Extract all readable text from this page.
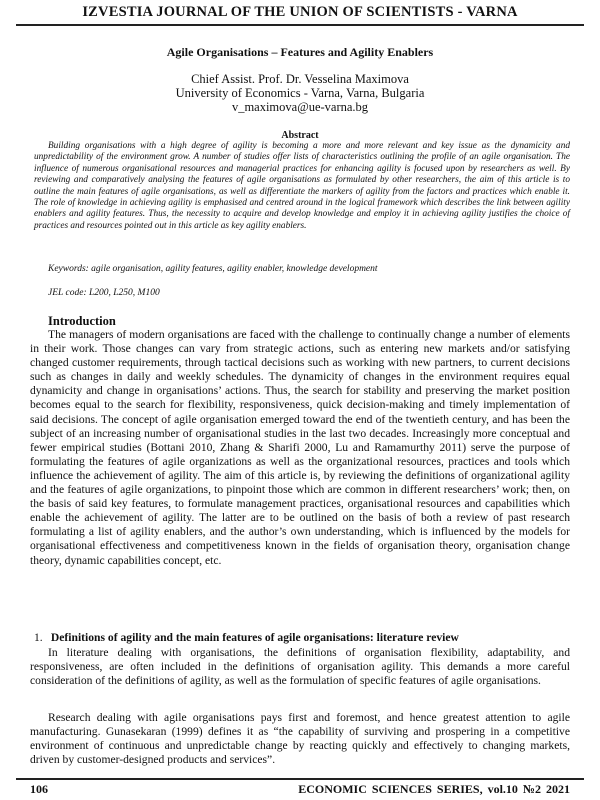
IZVESTIA JOURNAL OF THE UNION OF SCIENTISTS - VARNA
Agile Organisations – Features and Agility Enablers
Chief Assist. Prof. Dr. Vesselina Maximova
University of Economics - Varna, Varna, Bulgaria
v_maximova@ue-varna.bg
Abstract

Building organisations with a high degree of agility is becoming a more and more relevant and key issue as the dynamicity and unpredictability of the environment grow. A number of studies offer lists of characteristics outlining the profile of an agile organisation. The influence of numerous organisational resources and managerial practices for enhancing agility is focused upon by researchers as well. By reviewing and comparatively analysing the features of agile organisations as formulated by other researchers, the aim of this article is to outline the main features of agile organisations, as well as differentiate the markers of agility from the factors and practices which enable it. The role of knowledge in achieving agility is emphasised and centred around in the logical framework which describes the link between agility enablers and agility features. Thus, the necessity to acquire and develop knowledge and employ it in achieving agility justifies the choice of practices and resources pointed out in this article as key agility enablers.

Keywords: agile organisation, agility features, agility enabler, knowledge development
JEL code: L200, L250, M100
Introduction

The managers of modern organisations are faced with the challenge to continually change a number of elements in their work. Those changes can vary from strategic actions, such as entering new markets and/or satisfying changed customer requirements, through tactical decisions such as working with new partners, to current decisions such as changes in daily and weekly schedules. The dynamicity of changes in the environment requires equal dynamicity and change in organisations’ actions. Thus, the search for stability and preserving the market position becomes equal to the search for flexibility, responsiveness, quick decision-making and timely implementation of said decisions. The concept of agile organisation emerged toward the end of the twentieth century, and has been the subject of an increasing number of organisational studies in the last two decades. Increasingly more conceptual and fewer empirical studies (Bottani 2010, Zhang & Sharifi 2000, Lu and Ramamurthy 2011) serve the purpose of formulating the features of agile organizations as well as the organizational resources, practices and tools which influence the achievement of agility. The aim of this article is, by reviewing the definitions of organizational agility and the features of agile organizations, to pinpoint those which are common in different researchers’ work; then, on the basis of said key features, to formulate management practices, organisational resources and capabilities which enable the achievement of agility. The latter are to be outlined on the basis of both a review of past research formulating a list of agility enablers, and the author’s own understanding, which is influenced by the models for organisational effectiveness and competitiveness known in the fields of organisation theory, organisation change theory, dynamic capabilities concept, etc.

1. Definitions of agility and the main features of agile organisations: literature review

In literature dealing with organisations, the definitions of organisation flexibility, adaptability, and responsiveness, are often included in the definitions of organisation agility. This demands a more careful consideration of the definitions of agility, as well as the formulation of specific features of agile organisations.

Research dealing with agile organisations pays first and foremost, and hence greatest attention to agile manufacturing. Gunasekaran (1999) defines it as “the capability of surviving and prospering in a competitive environment of continuous and unpredictable change by reacting quickly and effectively to changing markets, driven by customer-designed products and services”.

106	ECONOMIC SCIENCES SERIES, vol.10 №2 2021
